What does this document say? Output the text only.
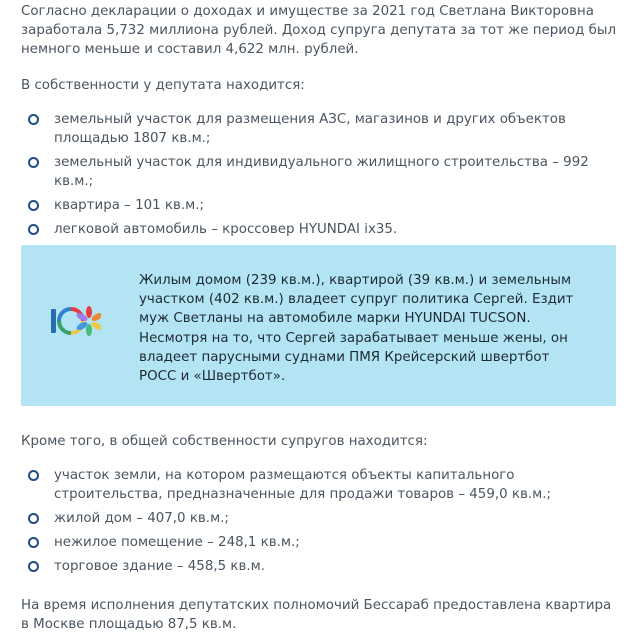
Согласно декларации о доходах и имуществе за 2021 год Светлана Викторовна заработала 5,732 миллиона рублей. Доход супруга депутата за тот же период был немного меньше и составил 4,622 млн. рублей.

В собственности у депутата находится:

земельный участок для размещения АЗС, магазинов и других объектов площадью 1807 кв.м.;
земельный участок для индивидуального жилищного строительства – 992 кв.м.;
квартира – 101 кв.м.;
легковой автомобиль – кроссовер HYUNDAI ix35.

Жилым домом (239 кв.м.), квартирой (39 кв.м.) и земельным участком (402 кв.м.) владеет супруг политика Сергей. Ездит муж Светланы на автомобиле марки HYUNDAI TUCSON. Несмотря на то, что Сергей зарабатывает меньше жены, он владеет парусными суднами ПМЯ Крейсерский швертбот РОСС и «Швертбот».

Кроме того, в общей собственности супругов находится:

участок земли, на котором размещаются объекты капитального строительства, предназначенные для продажи товаров – 459,0 кв.м.;
жилой дом – 407,0 кв.м.;
нежилое помещение – 248,1 кв.м.;
торговое здание – 458,5 кв.м.

На время исполнения депутатских полномочий Бессараб предоставлена квартира в Москве площадью 87,5 кв.м.
